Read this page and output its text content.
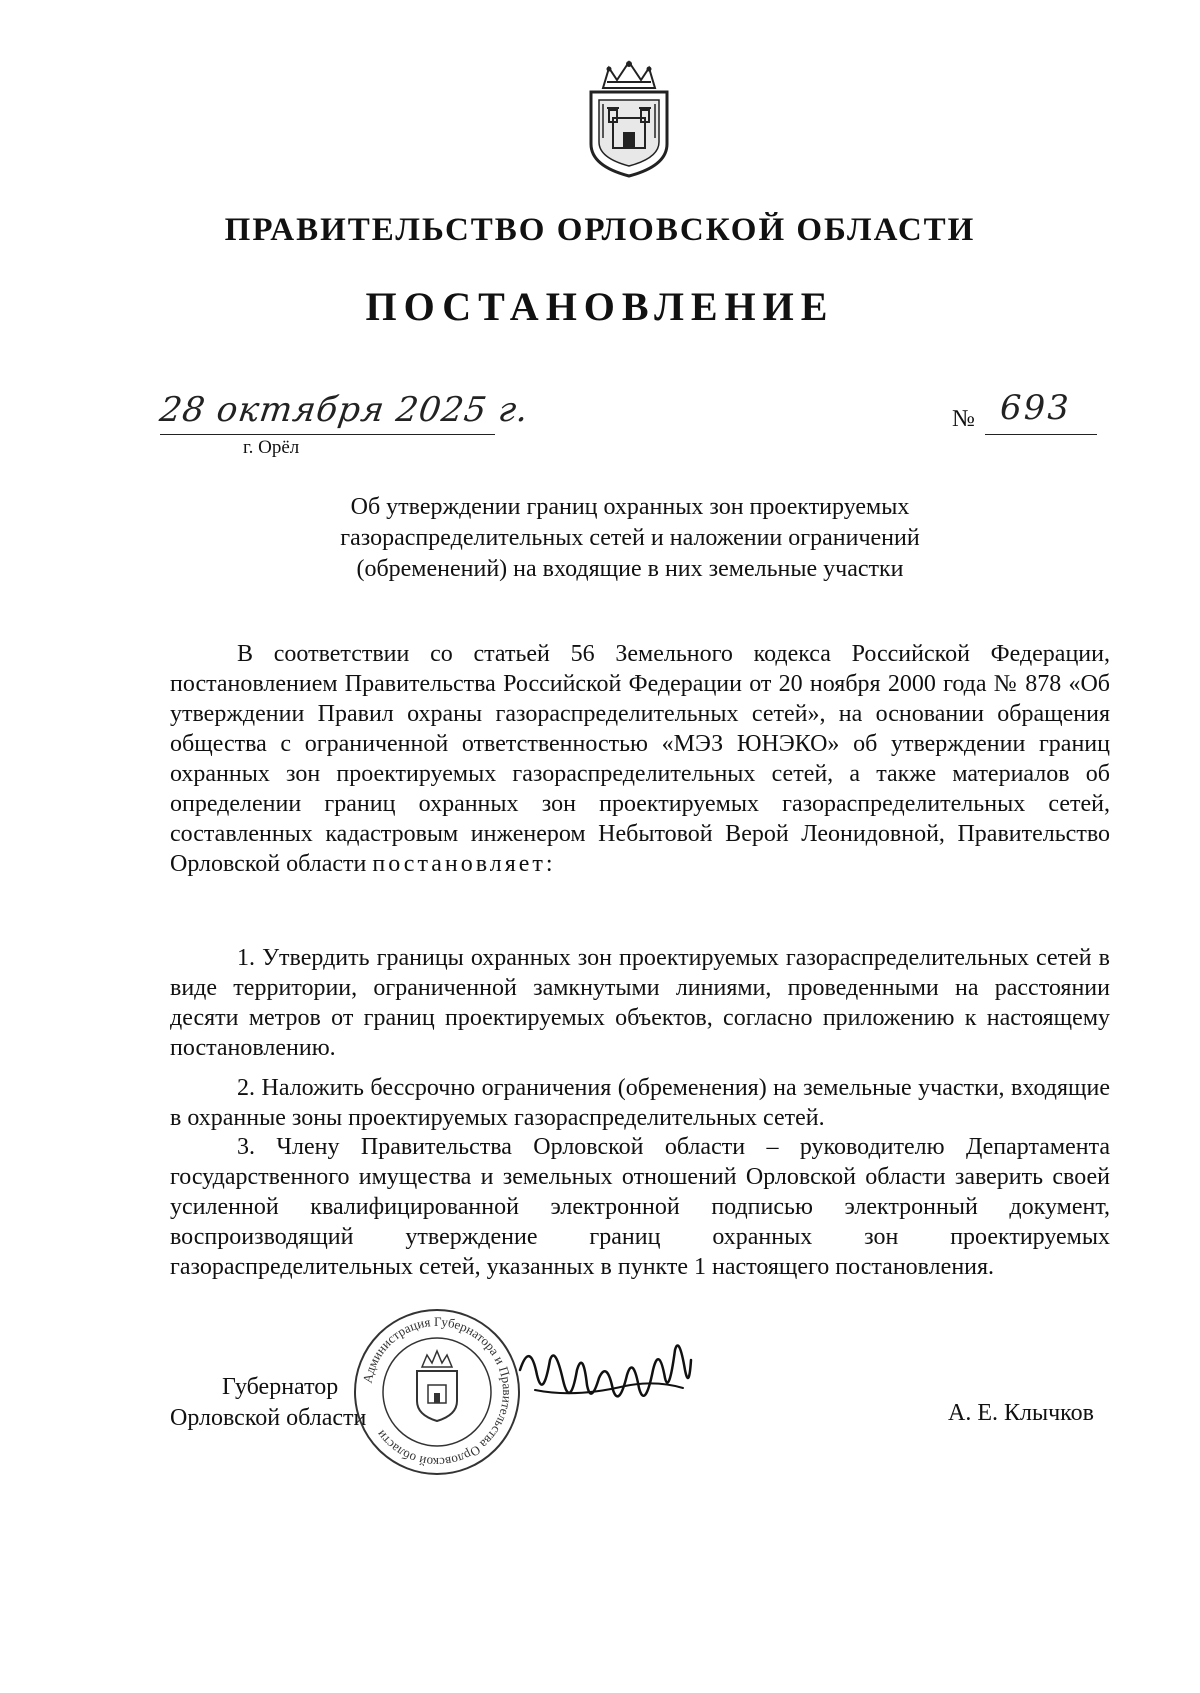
ПРАВИТЕЛЬСТВО ОРЛОВСКОЙ ОБЛАСТИ
ПОСТАНОВЛЕНИЕ
28 октября 2025 г.
г. Орёл
№ 693
Об утверждении границ охранных зон проектируемых
газораспределительных сетей и наложении ограничений
(обременений) на входящие в них земельные участки

В соответствии со статьей 56 Земельного кодекса Российской Федерации, постановлением Правительства Российской Федерации от 20 ноября 2000 года № 878 «Об утверждении Правил охраны газораспределительных сетей», на основании обращения общества с ограниченной ответственностью «МЭЗ ЮНЭКО» об утверждении границ охранных зон проектируемых газораспределительных сетей, а также материалов об определении границ охранных зон проектируемых газораспределительных сетей, составленных кадастровым инженером Небытовой Верой Леонидовной, Правительство Орловской области постановляет:

1. Утвердить границы охранных зон проектируемых газораспределительных сетей в виде территории, ограниченной замкнутыми линиями, проведенными на расстоянии десяти метров от границ проектируемых объектов, согласно приложению к настоящему постановлению.

2. Наложить бессрочно ограничения (обременения) на земельные участки, входящие в охранные зоны проектируемых газораспределительных сетей.

3. Члену Правительства Орловской области – руководителю Департамента государственного имущества и земельных отношений Орловской области заверить своей усиленной квалифицированной электронной подписью электронный документ, воспроизводящий утверждение границ охранных зон проектируемых газораспределительных сетей, указанных в пункте 1 настоящего постановления.

Губернатор
Орловской области
Администрация Губернатора и Правительства Орловской области
А. Е. Клычков
